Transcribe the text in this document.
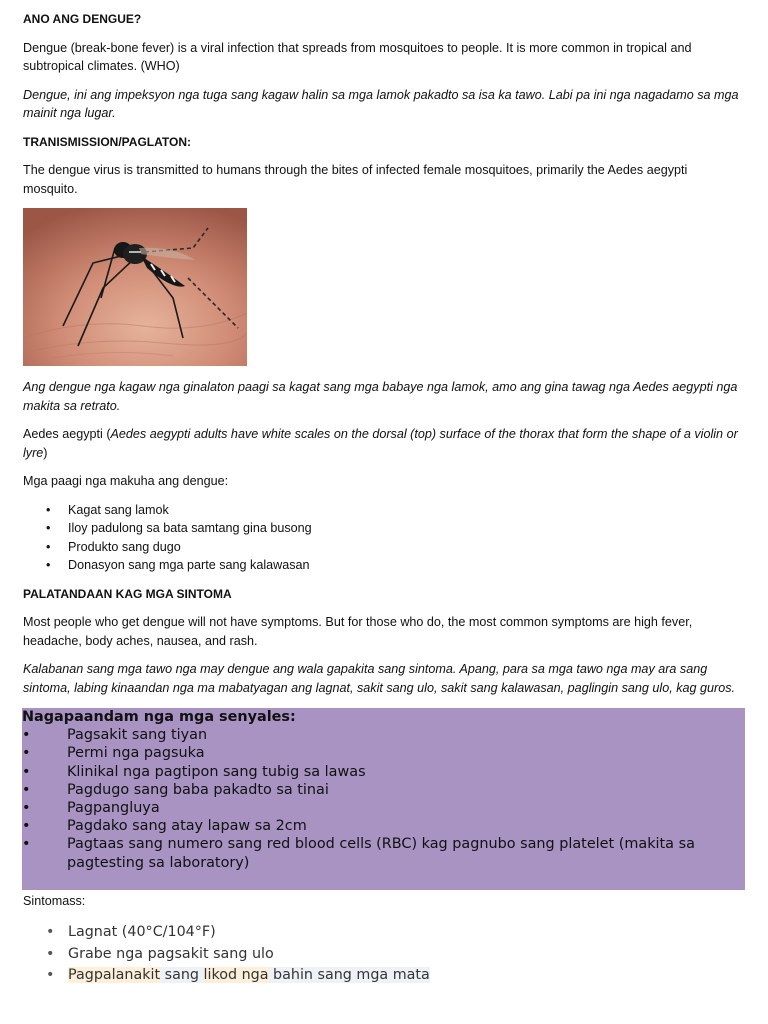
ANO ANG DENGUE?

Dengue (break-bone fever) is a viral infection that spreads from mosquitoes to people. It is more common in tropical and subtropical climates. (WHO)

Dengue, ini ang impeksyon nga tuga sang kagaw halin sa mga lamok pakadto sa isa ka tawo. Labi pa ini nga nagadamo sa mga mainit nga lugar.

TRANISMISSION/PAGLATON:

The dengue virus is transmitted to humans through the bites of infected female mosquitoes, primarily the Aedes aegypti mosquito.

Ang dengue nga kagaw nga ginalaton paagi sa kagat sang mga babaye nga lamok, amo ang gina tawag nga Aedes aegypti nga makita sa retrato.

Aedes aegypti (Aedes aegypti adults have white scales on the dorsal (top) surface of the thorax that form the shape of a violin or lyre)

Mga paagi nga makuha ang dengue:

• Kagat sang lamok
• Iloy padulong sa bata samtang gina busong
• Produkto sang dugo
• Donasyon sang mga parte sang kalawasan
PALATANDAAN KAG MGA SINTOMA

Most people who get dengue will not have symptoms. But for those who do, the most common symptoms are high fever, headache, body aches, nausea, and rash.

Kalabanan sang mga tawo nga may dengue ang wala gapakita sang sintoma. Apang, para sa mga tawo nga may ara sang sintoma, labing kinaandan nga ma mabatyagan ang lagnat, sakit sang ulo, sakit sang kalawasan, paglingin sang ulo, kag guros.

Nagapaandam nga mga senyales:
• Pagsakit sang tiyan
• Permi nga pagsuka
• Klinikal nga pagtipon sang tubig sa lawas
• Pagdugo sang baba pakadto sa tinai
• Pagpangluya
• Pagdako sang atay lapaw sa 2cm
• Pagtaas sang numero sang red blood cells (RBC) kag pagnubo sang platelet (makita sa pagtesting sa laboratory)
Sintomass:
• Lagnat (40°C/104°F)
• Grabe nga pagsakit sang ulo
• Pagpalanakit sang likod nga bahin sang mga mata
